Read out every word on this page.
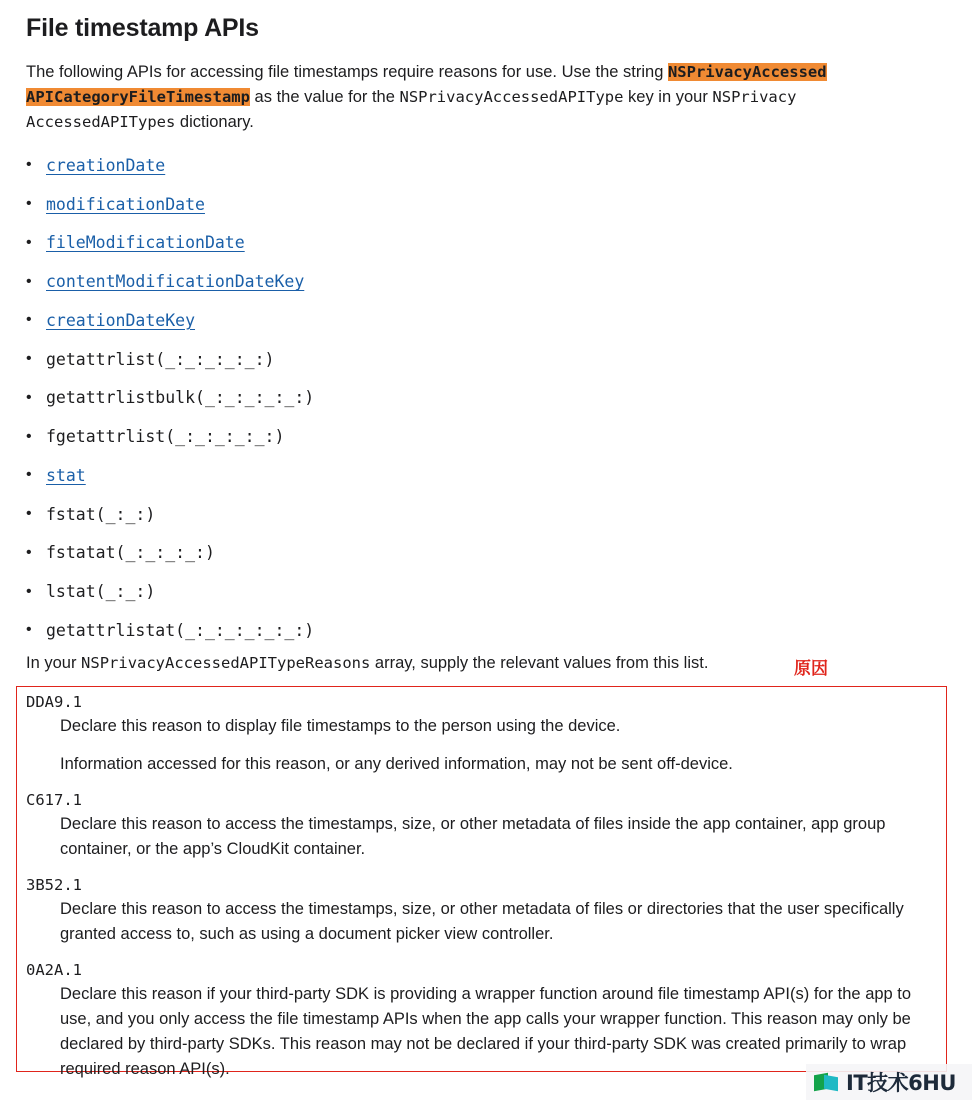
File timestamp APIs

The following APIs for accessing file timestamps require reasons for use. Use the string NSPrivacyAccessed
APICategoryFileTimestamp as the value for the NSPrivacyAccessedAPIType key in your NSPrivacy
AccessedAPITypes dictionary.

• creationDate
• modificationDate
• fileModificationDate
• contentModificationDateKey
• creationDateKey
• getattrlist(_:_:_:_:_:)
• getattrlistbulk(_:_:_:_:_:)
• fgetattrlist(_:_:_:_:_:)
• stat
• fstat(_:_:)
• fstatat(_:_:_:_:)
• lstat(_:_:)
• getattrlistat(_:_:_:_:_:_:)

In your NSPrivacyAccessedAPITypeReasons array, supply the relevant values from this list.	原因
DDA9.1

Declare this reason to display file timestamps to the person using the device.

Information accessed for this reason, or any derived information, may not be sent off-device.

C617.1

Declare this reason to access the timestamps, size, or other metadata of files inside the app container, app group container, or the app’s CloudKit container.

3B52.1

Declare this reason to access the timestamps, size, or other metadata of files or directories that the user specifically granted access to, such as using a document picker view controller.

0A2A.1

Declare this reason if your third-party SDK is providing a wrapper function around file timestamp API(s) for the app to use, and you only access the file timestamp APIs when the app calls your wrapper function. This reason may only be declared by third-party SDKs. This reason may not be declared if your third-party SDK was created primarily to wrap required reason API(s).

IT技术6HU
